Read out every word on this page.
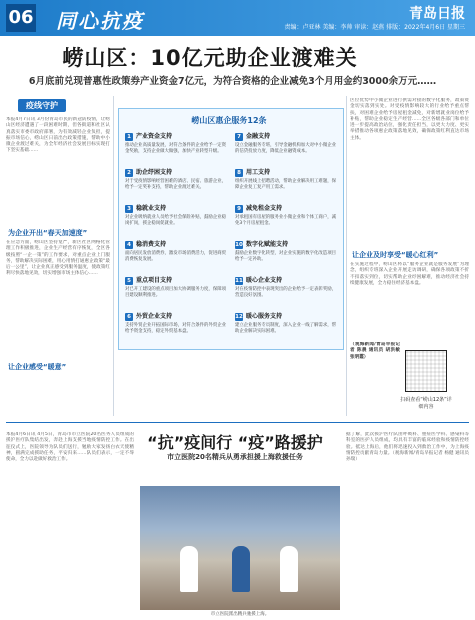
06 同心抗疫	青岛日报
责编：卢亚林 美编：李帅 审读：赵燕 排版：2022年4月6日 星期三
崂山区：10亿元助企业渡难关
6月底前兑现普惠性政策券产业资金7亿元，为符合资格的企业减免3个月用金约3000余万元……
疫线守护
本报4月7日讯 3月份青岛市民的新冠防疫情，让崂山区经济遭遇了一段困难时期，但各街道和社区认真落实市委市政府部署，为有效减轻企业负担，提振市场信心，崂山区日前出台政策措施，帮助中小微企业渡过难关，为全年经济社会发展目标实现打下坚实基础……
为企业开出“春天加速度”
在应急方面，崂山区坚持宽严，新区社区网格化管理工作积极推进，企业生产经营有序恢复，全区各级按照“一企一策”的工作要求，对重点企业上门服务，帮助解决实际困难，用心用情打通惠企政策“最后一公里”，让企业真正感受到服务温度，使政策红利尽快落地见效，切实增强市场主体信心……
让企业感受“暖意”
崂山区惠企服务12条
1 产业资金支持
推动企业高质量发展，对符合条件的企业给予一定资金奖励，支持企业做大做强，加快产业转型升级。
2 助企纾困支持
对于受疫情影响经营困难的酒店、民宿、旅游企业，给予一定奖补支持，帮助企业渡过难关。
3 稳就业支持
对企业吸纳就业人员给予社会保险补贴，鼓励企业稳岗扩岗，援企稳岗促就业。
4 稳消费支持
面向居民发放消费券，激发市场消费活力，促进商贸消费恢复发展。
5 重点项目支持
对已开工建设的重点项目加大协调服务力度，保障项目建设顺利推进。
6 外贸企业支持
支持外贸企业开拓国际市场，对符合条件的外贸企业给予资金支持，稳定外贸基本盘。
7 金融支持
设立金融服务专班，引导金融机构加大对中小微企业的信贷投放力度，降低企业融资成本。
8 用工支持
组织开展线上招聘活动，帮助企业解决用工难题，保障企业复工复产用工需求。
9 减免租金支持
对承租国有房屋的服务业小微企业和个体工商户，减免3个月房屋租金。
10 数字化赋能支持
鼓励企业数字化转型，对企业实施的数字化改造项目给予一定补助。
11 暖心企业支持
对在疫情防控中表现突出的企业给予一定表彰奖励，营造良好氛围。
12 暖心服务支持
建立企业服务专员制度，深入企业一线了解需求，帮助企业解决实际困难。
区位优势中小微企业进行供需对接的数字化服务，政策资金切实落到实处。对受疫情影响较大的行业给予重点帮扶，对困难企业给予房屋租金减免，对新增就业岗位给予补贴，帮助企业稳定生产经营……全区各级各部门和单位进一步提高政治站位，强化责任担当，以更大力度、更实举措推动各项惠企政策落地见效，确保政策红利直达市场主体。
让企业及时享受“暖心红利”
在实施过程中，崂山区将以“服务企业就是服务发展”为理念，组织专班深入企业开展走访调研，确保各项政策不折不扣落实到位，切实帮助企业纾困解难，推动经济社会持续健康发展，全力稳住经济基本盘。
（观海新闻/青岛早报记者 陈晨 通讯员 胡洪敏 张明霞）
扫码查看“崂山12条”详细内容
本报4月6日讯 4月5日，青岛市市立医院20名医务人员组成的援沪医疗队集结出发，奔赴上海支援当地疫情防控工作。在出征仪式上，医院领导为队员们送行，勉励大家发扬白衣天使精神，圆满完成援助任务，平安归来……队员们表示，一定不辱使命，全力以赴做好救治工作。
“抗”疫间行 “疫”路援护
市立医院20名精兵从勇承担援上海救援任务
据了解，此次援沪医疗队由呼吸科、重症医学科、感染科等科室的医护人员组成，均具有丰富的临床经验和疫情防控经验。抵达上海后，他们将迅速投入到救治工作中，为上海疫情防控贡献青岛力量。（观海新闻/青岛早报记者 杨健 通讯员 孙瑞）
市立医院派出精兵驰援上海。
